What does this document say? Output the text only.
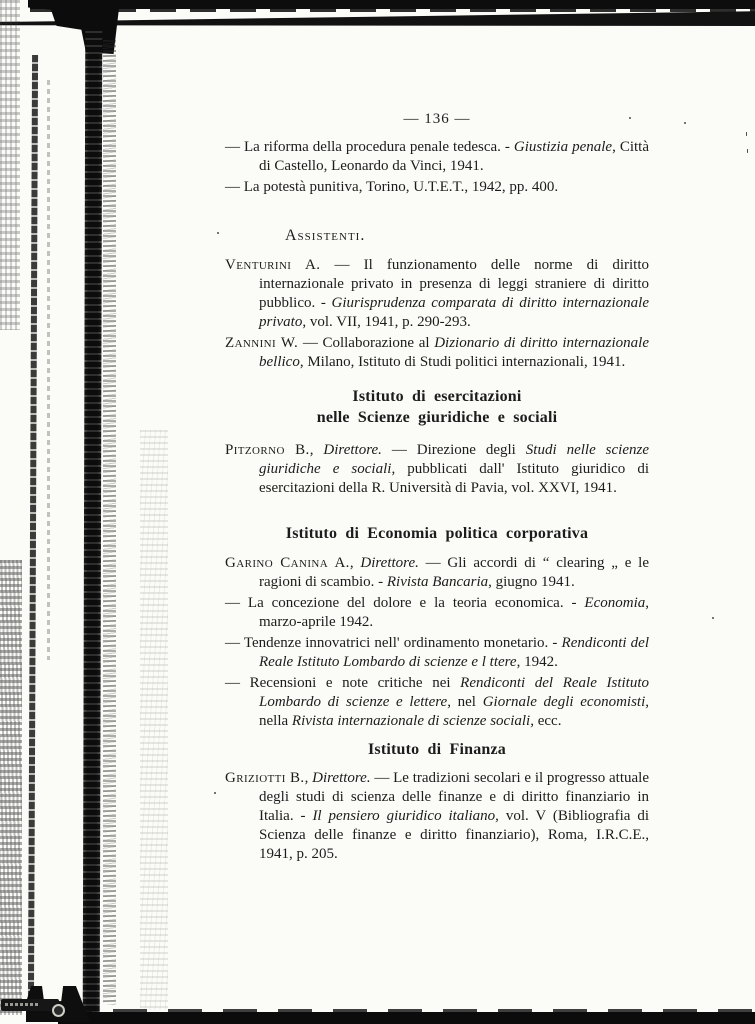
— 136 —

— La riforma della procedura penale tedesca. - Giustizia penale, Città di Castello, Leonardo da Vinci, 1941.

— La potestà punitiva, Torino, U.T.E.T., 1942, pp. 400.

Assistenti.

Venturini A. — Il funzionamento delle norme di diritto internazionale privato in presenza di leggi straniere di diritto pubblico. - Giurisprudenza comparata di diritto internazionale privato, vol. VII, 1941, p. 290-293.

Zannini W. — Collaborazione al Dizionario di diritto internazionale bellico, Milano, Istituto di Studi politici internazionali, 1941.

Istituto di esercitazioni
nelle Scienze giuridiche e sociali

Pitzorno B., Direttore. — Direzione degli Studi nelle scienze giuridiche e sociali, pubblicati dall' Istituto giuridico di esercitazioni della R. Università di Pavia, vol. XXVI, 1941.

Istituto di Economia politica corporativa

Garino Canina A., Direttore. — Gli accordi di “ clearing „ e le ragioni di scambio. - Rivista Bancaria, giugno 1941.

— La concezione del dolore e la teoria economica. - Economia, marzo-aprile 1942.

— Tendenze innovatrici nell' ordinamento monetario. - Rendiconti del Reale Istituto Lombardo di scienze e l ttere, 1942.

— Recensioni e note critiche nei Rendiconti del Reale Istituto Lombardo di scienze e lettere, nel Giornale degli economisti, nella Rivista internazionale di scienze sociali, ecc.

Istituto di Finanza

Griziotti B., Direttore. — Le tradizioni secolari e il progresso attuale degli studi di scienza delle finanze e di diritto finanziario in Italia. - Il pensiero giuridico italiano, vol. V (Bibliografia di Scienza delle finanze e diritto finanziario), Roma, I.R.C.E., 1941, p. 205.
